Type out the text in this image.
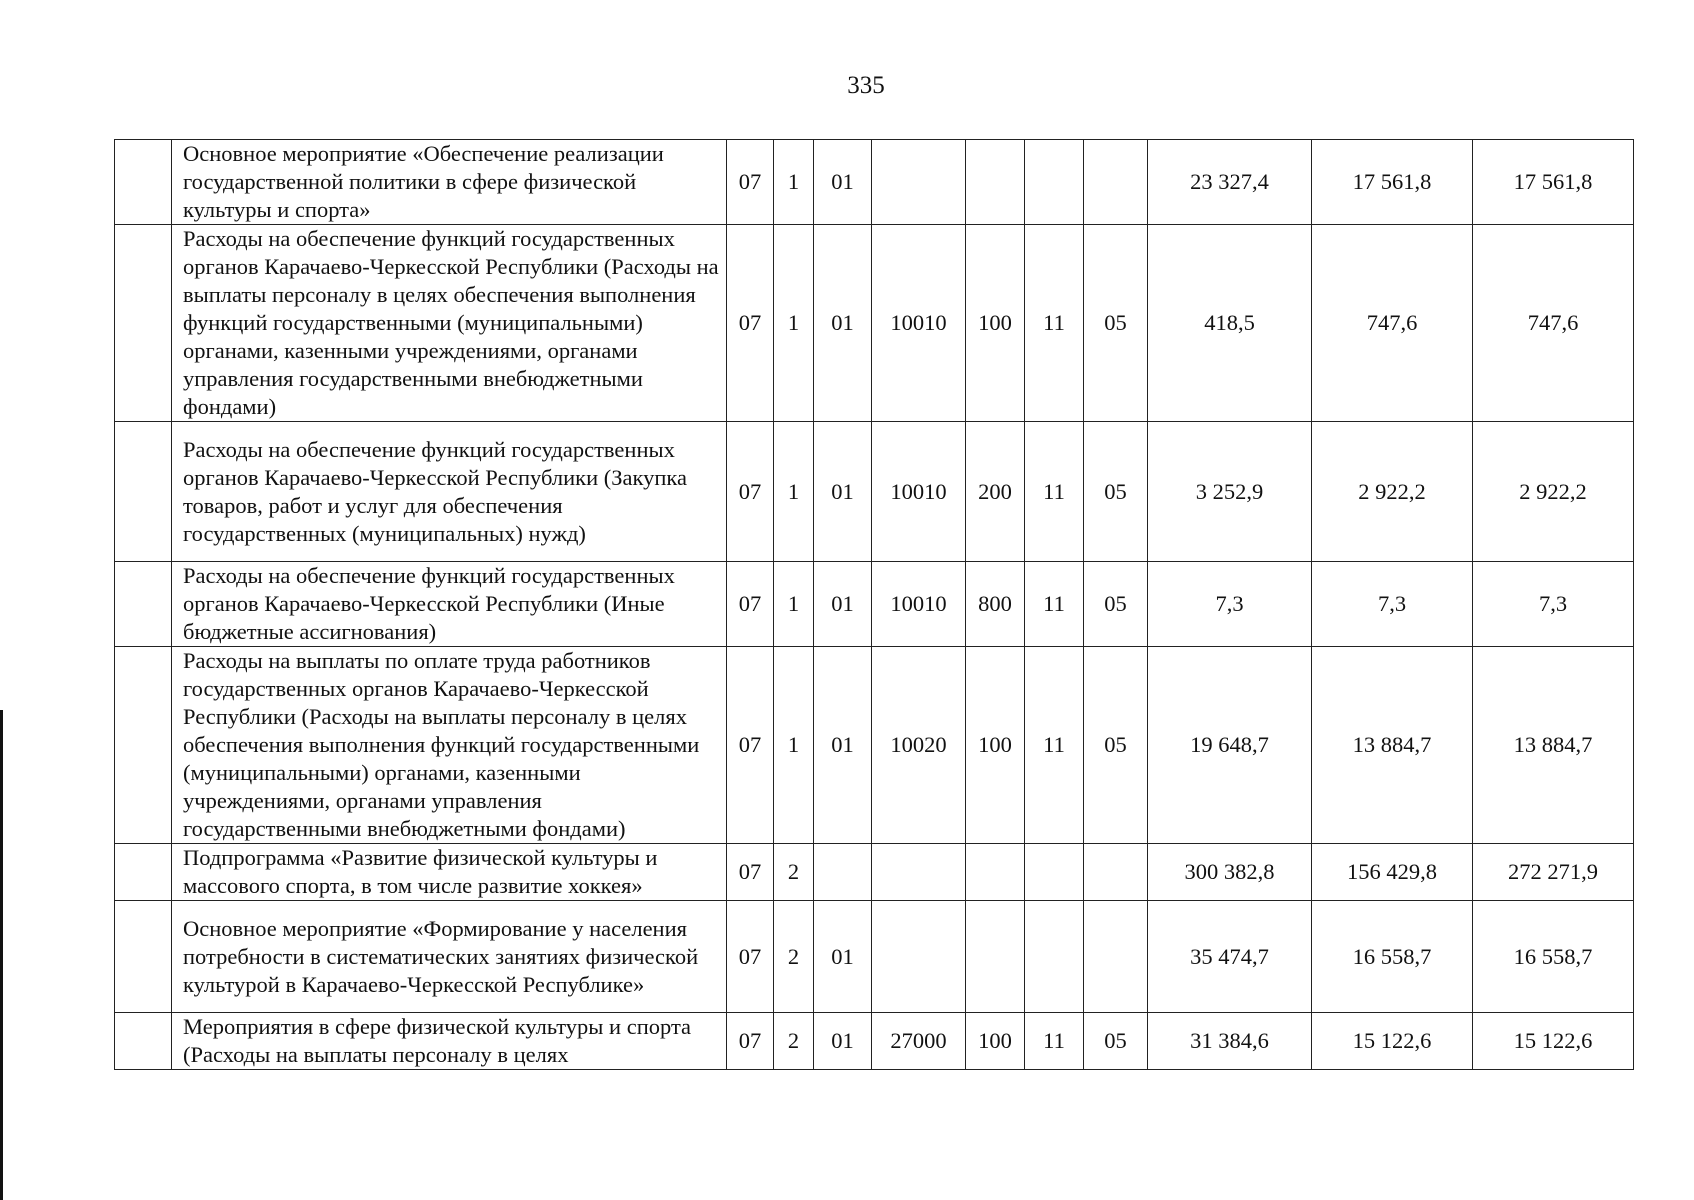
335
	Основное мероприятие «Обеспечение реализации государственной политики в сфере физической культуры и спорта»	07	1	01					23 327,4	17 561,8	17 561,8
	Расходы на обеспечение функций государственных органов Карачаево-Черкесской Республики (Расходы на выплаты персоналу в целях обеспечения выполнения функций государственными (муниципальными) органами, казенными учреждениями, органами управления государственными внебюджетными фондами)	07	1	01	10010	100	11	05	418,5	747,6	747,6
	Расходы на обеспечение функций государственных органов Карачаево-Черкесской Республики (Закупка товаров, работ и услуг для обеспечения государственных (муниципальных) нужд)	07	1	01	10010	200	11	05	3 252,9	2 922,2	2 922,2
	Расходы на обеспечение функций государственных органов Карачаево-Черкесской Республики (Иные бюджетные ассигнования)	07	1	01	10010	800	11	05	7,3	7,3	7,3
	Расходы на выплаты по оплате труда работников государственных органов Карачаево-Черкесской Республики (Расходы на выплаты персоналу в целях обеспечения выполнения функций государственными (муниципальными) органами, казенными учреждениями, органами управления государственными внебюджетными фондами)	07	1	01	10020	100	11	05	19 648,7	13 884,7	13 884,7
	Подпрограмма «Развитие физической культуры и массового спорта, в том числе развитие хоккея»	07	2						300 382,8	156 429,8	272 271,9
	Основное мероприятие «Формирование у населения потребности в систематических занятиях физической культурой в Карачаево-Черкесской Республике»	07	2	01					35 474,7	16 558,7	16 558,7
	Мероприятия в сфере физической культуры и спорта (Расходы на выплаты персоналу в целях	07	2	01	27000	100	11	05	31 384,6	15 122,6	15 122,6
